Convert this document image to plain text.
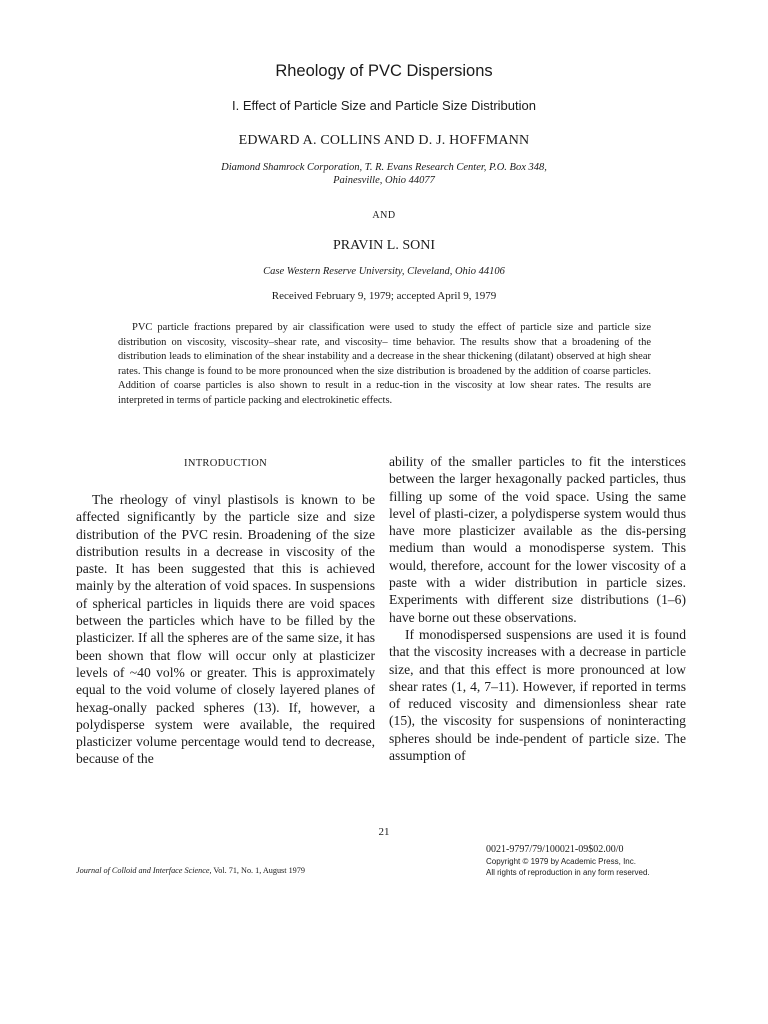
Rheology of PVC Dispersions
I. Effect of Particle Size and Particle Size Distribution
EDWARD A. COLLINS AND D. J. HOFFMANN
Diamond Shamrock Corporation, T. R. Evans Research Center, P.O. Box 348,
Painesville, Ohio 44077
AND
PRAVIN L. SONI
Case Western Reserve University, Cleveland, Ohio 44106
Received February 9, 1979; accepted April 9, 1979
PVC particle fractions prepared by air classification were used to study the effect of particle size and particle size distribution on viscosity, viscosity–shear rate, and viscosity– time behavior. The results show that a broadening of the distribution leads to elimination of the shear instability and a decrease in the shear thickening (dilatant) observed at high shear rates. This change is found to be more pronounced when the size distribution is broadened by the addition of coarse particles. Addition of coarse particles is also shown to result in a reduc-tion in the viscosity at low shear rates. The results are interpreted in terms of particle packing and electrokinetic effects.
INTRODUCTION
The rheology of vinyl plastisols is known to be affected significantly by the particle size and size distribution of the PVC resin. Broadening of the size distribution results in a decrease in viscosity of the paste. It has been suggested that this is achieved mainly by the alteration of void spaces. In suspensions of spherical particles in liquids there are void spaces between the particles which have to be filled by the plasticizer. If all the spheres are of the same size, it has been shown that flow will occur only at plasticizer levels of ~40 vol% or greater. This is approximately equal to the void volume of closely layered planes of hexag-onally packed spheres (13). If, however, a polydisperse system were available, the required plasticizer volume percentage would tend to decrease, because of the
ability of the smaller particles to fit the interstices between the larger hexagonally packed particles, thus filling up some of the void space. Using the same level of plasti-cizer, a polydisperse system would thus have more plasticizer available as the dis-persing medium than would a monodisperse system. This would, therefore, account for the lower viscosity of a paste with a wider distribution in particle sizes. Experiments with different size distributions (1–6) have borne out these observations.
If monodispersed suspensions are used it is found that the viscosity increases with a decrease in particle size, and that this effect is more pronounced at low shear rates (1, 4, 7–11). However, if reported in terms of reduced viscosity and dimensionless shear rate (15), the viscosity for suspensions of noninteracting spheres should be inde-pendent of particle size. The assumption of
21
0021-9797/79/100021-09$02.00/0
Copyright © 1979 by Academic Press, Inc.
All rights of reproduction in any form reserved.
Journal of Colloid and Interface Science, Vol. 71, No. 1, August 1979
